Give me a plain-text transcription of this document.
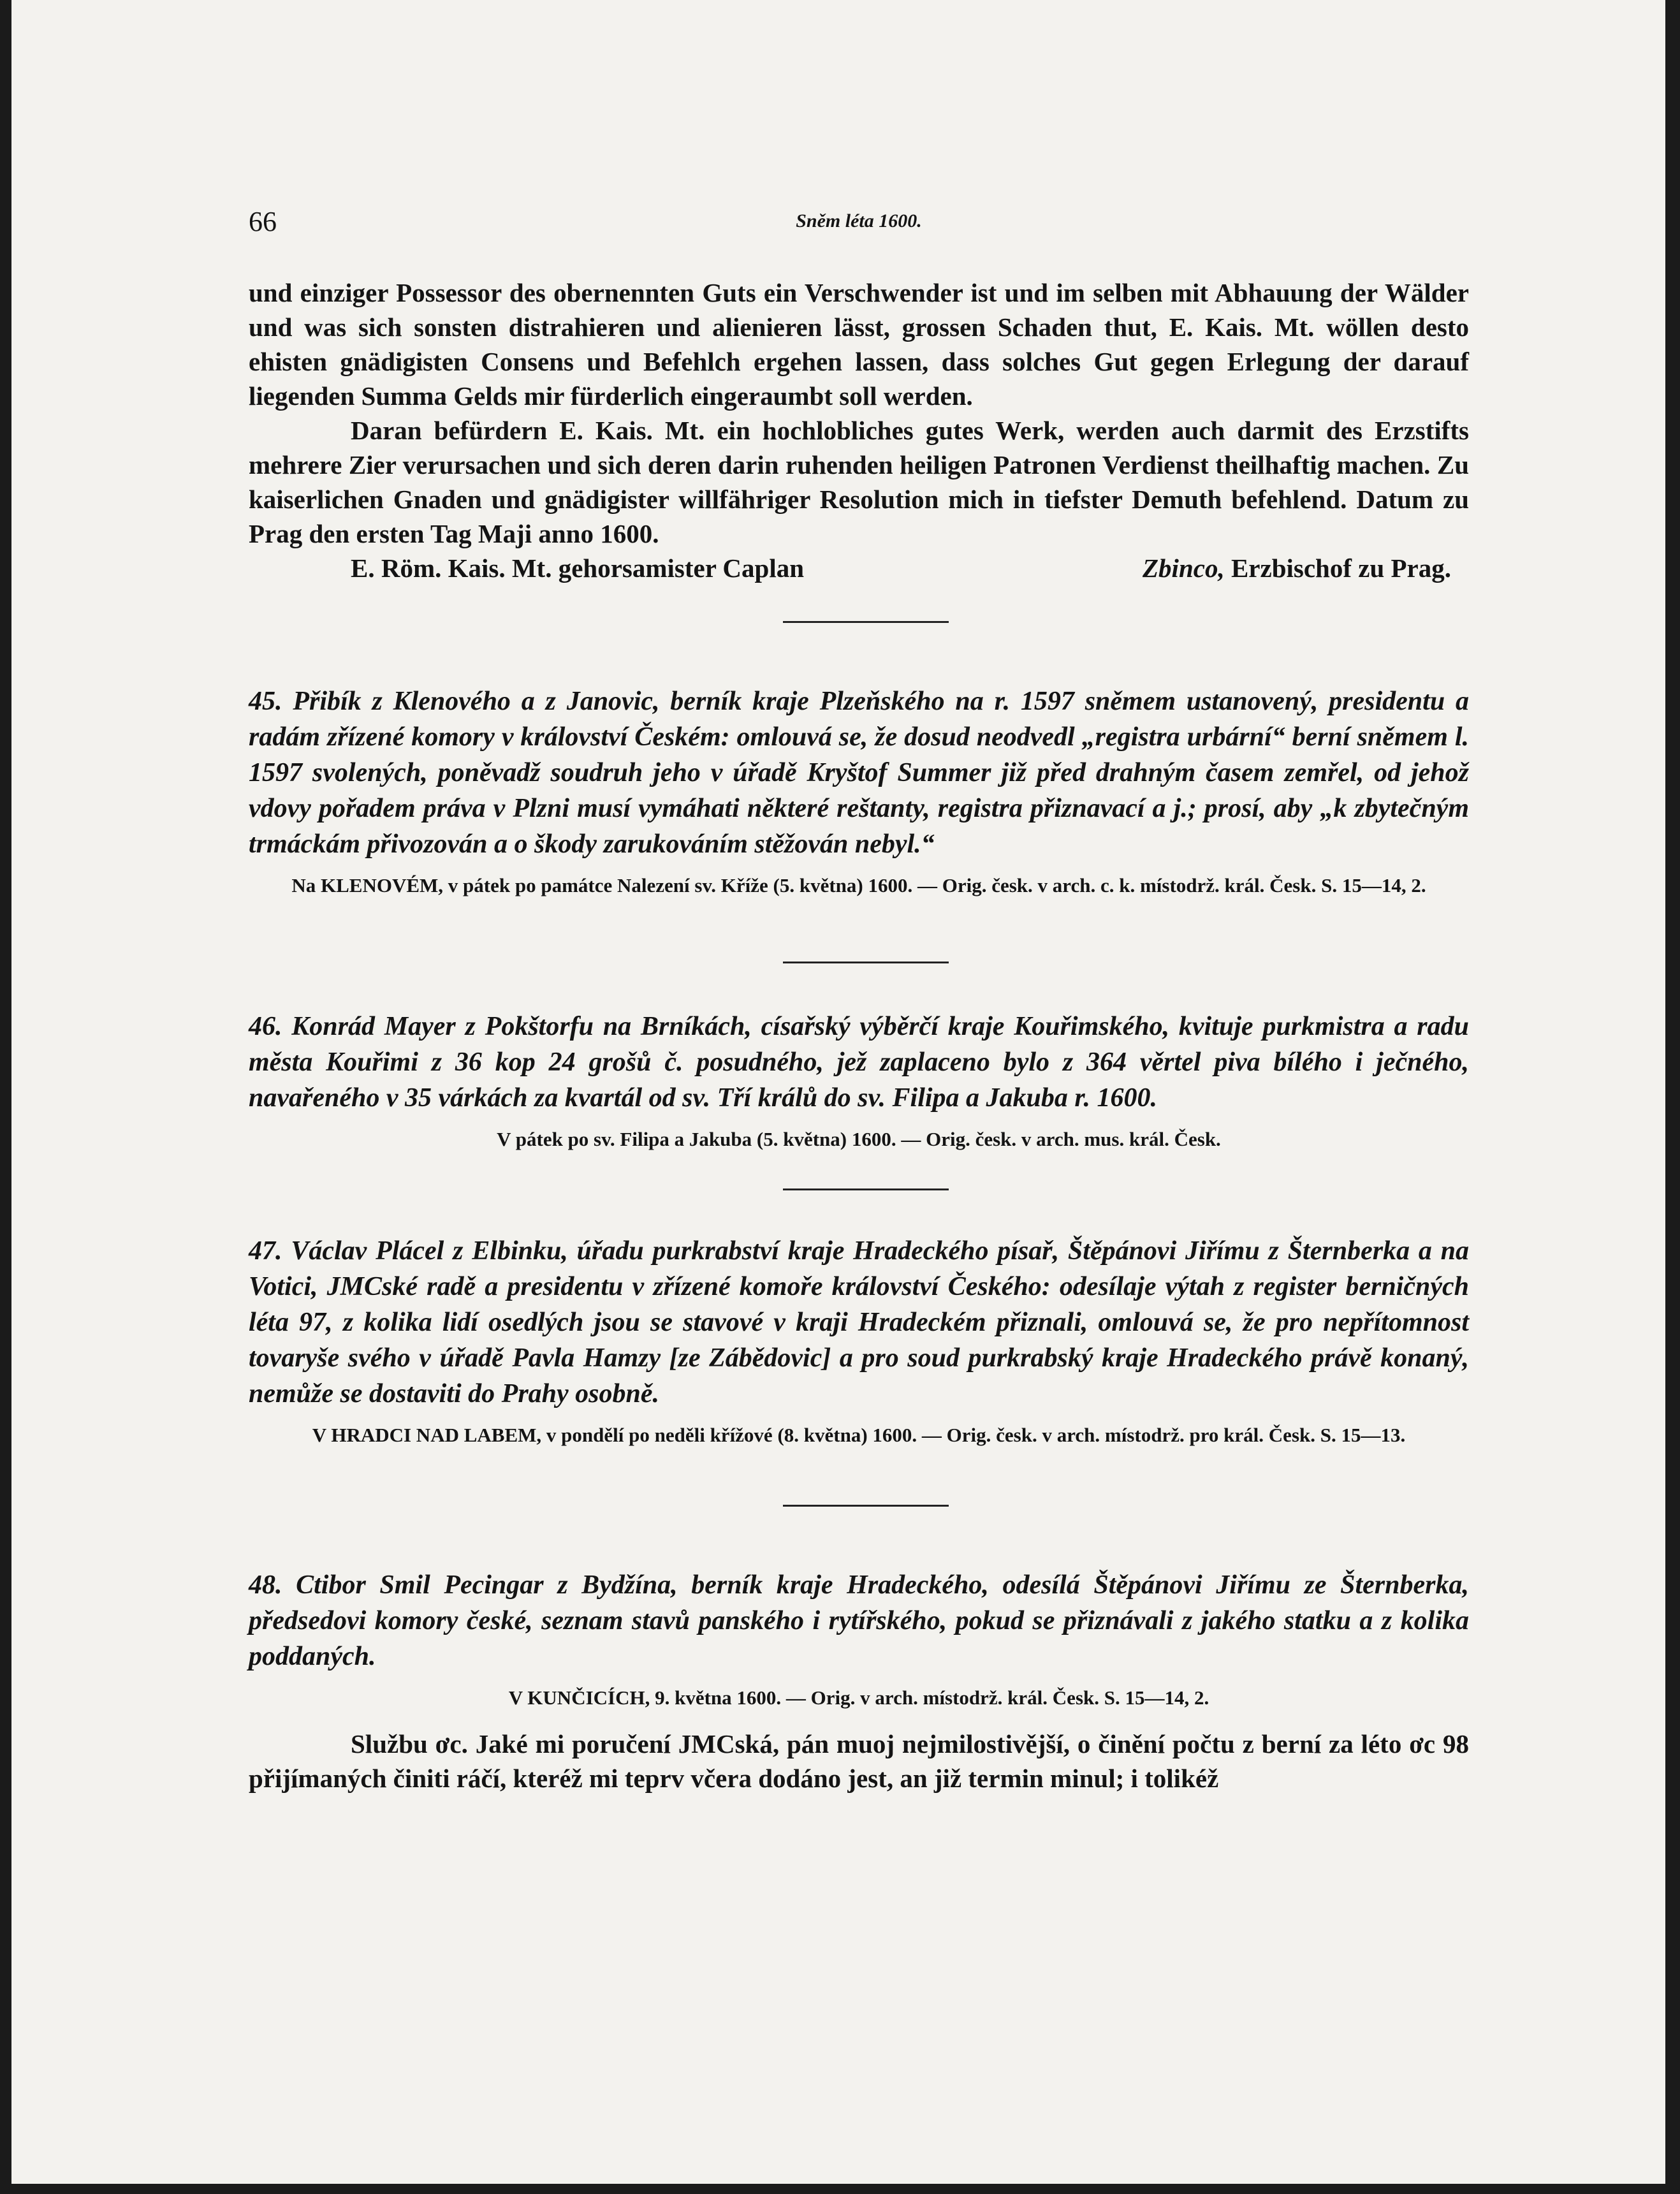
66	Sněm léta 1600.

und einziger Possessor des obernennten Guts ein Verschwender ist und im selben mit Abhauung der Wälder und was sich sonsten distrahieren und alienieren lässt, grossen Schaden thut, E. Kais. Mt. wöllen desto ehisten gnädigisten Consens und Befehlch ergehen lassen, dass solches Gut gegen Erlegung der darauf liegenden Summa Gelds mir fürderlich eingeraumbt soll werden.

Daran befürdern E. Kais. Mt. ein hochlobliches gutes Werk, werden auch darmit des Erzstifts mehrere Zier verursachen und sich deren darin ruhenden heiligen Patronen Verdienst theilhaftig machen. Zu kaiserlichen Gnaden und gnädigister willfähriger Resolution mich in tiefster Demuth befehlend. Datum zu Prag den ersten Tag Maji anno 1600.

E. Röm. Kais. Mt. gehorsamister Caplan	Zbinco, Erzbischof zu Prag.

45. Přibík z Klenového a z Janovic, berník kraje Plzeňského na r. 1597 sněmem ustanovený, presidentu a radám zřízené komory v království Českém: omlouvá se, že dosud neodvedl „registra urbární“ berní sněmem l. 1597 svolených, poněvadž soudruh jeho v úřadě Kryštof Summer již před drahným časem zemřel, od jehož vdovy pořadem práva v Plzni musí vymáhati některé reštanty, registra přiznavací a j.; prosí, aby „k zbytečným trmáckám přivozován a o škody zarukováním stěžován nebyl.“

Na KLENOVÉM, v pátek po památce Nalezení sv. Kříže (5. května) 1600. — Orig. česk. v arch. c. k. místodrž. král. Česk. S. 15—14, 2.

46. Konrád Mayer z Pokštorfu na Brníkách, císařský výběrčí kraje Kouřimského, kvituje purkmistra a radu města Kouřimi z 36 kop 24 grošů č. posudného, jež zaplaceno bylo z 364 věrtel piva bílého i ječného, navařeného v 35 várkách za kvartál od sv. Tří králů do sv. Filipa a Jakuba r. 1600.

V pátek po sv. Filipa a Jakuba (5. května) 1600. — Orig. česk. v arch. mus. král. Česk.

47. Václav Plácel z Elbinku, úřadu purkrabství kraje Hradeckého písař, Štěpánovi Jiřímu z Šternberka a na Votici, JMCské radě a presidentu v zřízené komoře království Českého: odesílaje výtah z register berničných léta 97, z kolika lidí osedlých jsou se stavové v kraji Hradeckém přiznali, omlouvá se, že pro nepřítomnost tovaryše svého v úřadě Pavla Hamzy [ze Zábědovic] a pro soud purkrabský kraje Hradeckého právě konaný, nemůže se dostaviti do Prahy osobně.

V HRADCI NAD LABEM, v pondělí po neděli křížové (8. května) 1600. — Orig. česk. v arch. místodrž. pro král. Česk. S. 15—13.

48. Ctibor Smil Pecingar z Bydžína, berník kraje Hradeckého, odesílá Štěpánovi Jiřímu ze Šternberka, předsedovi komory české, seznam stavů panského i rytířského, pokud se přiznávali z jakého statku a z kolika poddaných.

V KUNČICÍCH, 9. května 1600. — Orig. v arch. místodrž. král. Česk. S. 15—14, 2.

Službu ơc. Jaké mi poručení JMCská, pán muoj nejmilostivější, o činění počtu z berní za léto ơc 98 přijímaných činiti ráčí, kteréž mi teprv včera dodáno jest, an již termin minul; i tolikéž
